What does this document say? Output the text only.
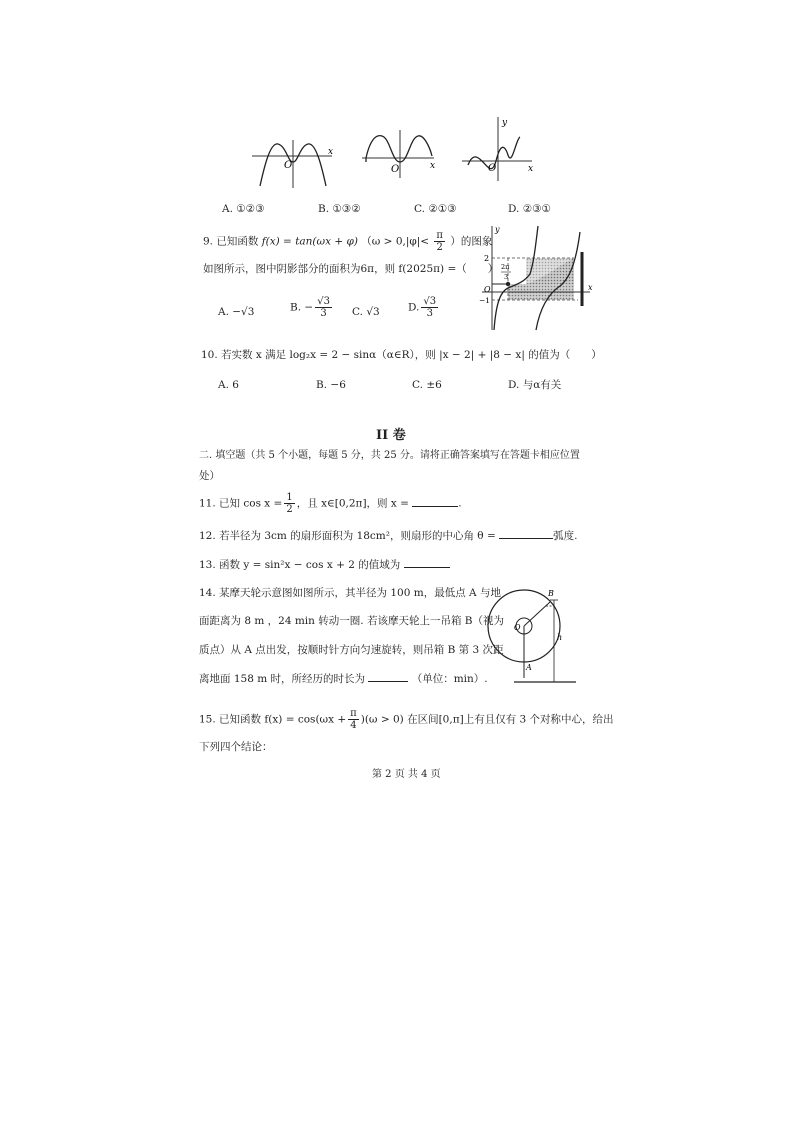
O
x
O	x
y
O	x
A. ①②③	B. ①③②	C. ②①③	D. ②③①
9. 已知函数 f(x) = tan(ωx + φ) （$\omega > 0,|\varphi|< \frac{\pi}{2}$ ）的图象
如图所示，图中阴影部分的面积为6π，则 f(2025π) =（　　）
A. −√3	B. − $\frac{√3}{3} C$. √3	D. $\frac{√3}{3}$
y
2
2π
3
O
−1
x
10. 若实数 x 满足 log₂x = 2 − sinα（α∈R），则 |x − 2| + |8 − x| 的值为（　　）
A. 6	B. −6	C. ±6	D. 与α有关
II 卷
二. 填空题（共 5 个小题，每题 5 分，共 25 分。请将正确答案填写在答题卡相应位置
处）
11. 已知 $\cos x = \frac{1}{2}$ ，且 x∈[0,2π]，则 x =	.
12. 若半径为 3cm 的扇形面积为 18cm²，则扇形的中心角 θ =	弧度.
13. 函数 y = sin²x − cos x + 2 的值域为
14. 某摩天轮示意图如图所示，其半径为 100 m，最低点 A 与地
面距离为 8 m ，24 min 转动一圈. 若该摩天轮上一吊箱 B（视为
质点）从 A 点出发，按顺时针方向匀速旋转，则吊箱 B 第 3 次距
离地面 158 m 时，所经历的时长为	（单位：min）.
B
O
A
h
15. 已知函数 $f(x) = \cos(\omega x + \frac{\pi}{4} )(\omega > 0)$ 在区间[0,π]上有且仅有 3 个对称中心，给出
下列四个结论：
第 2 页 共 4 页
